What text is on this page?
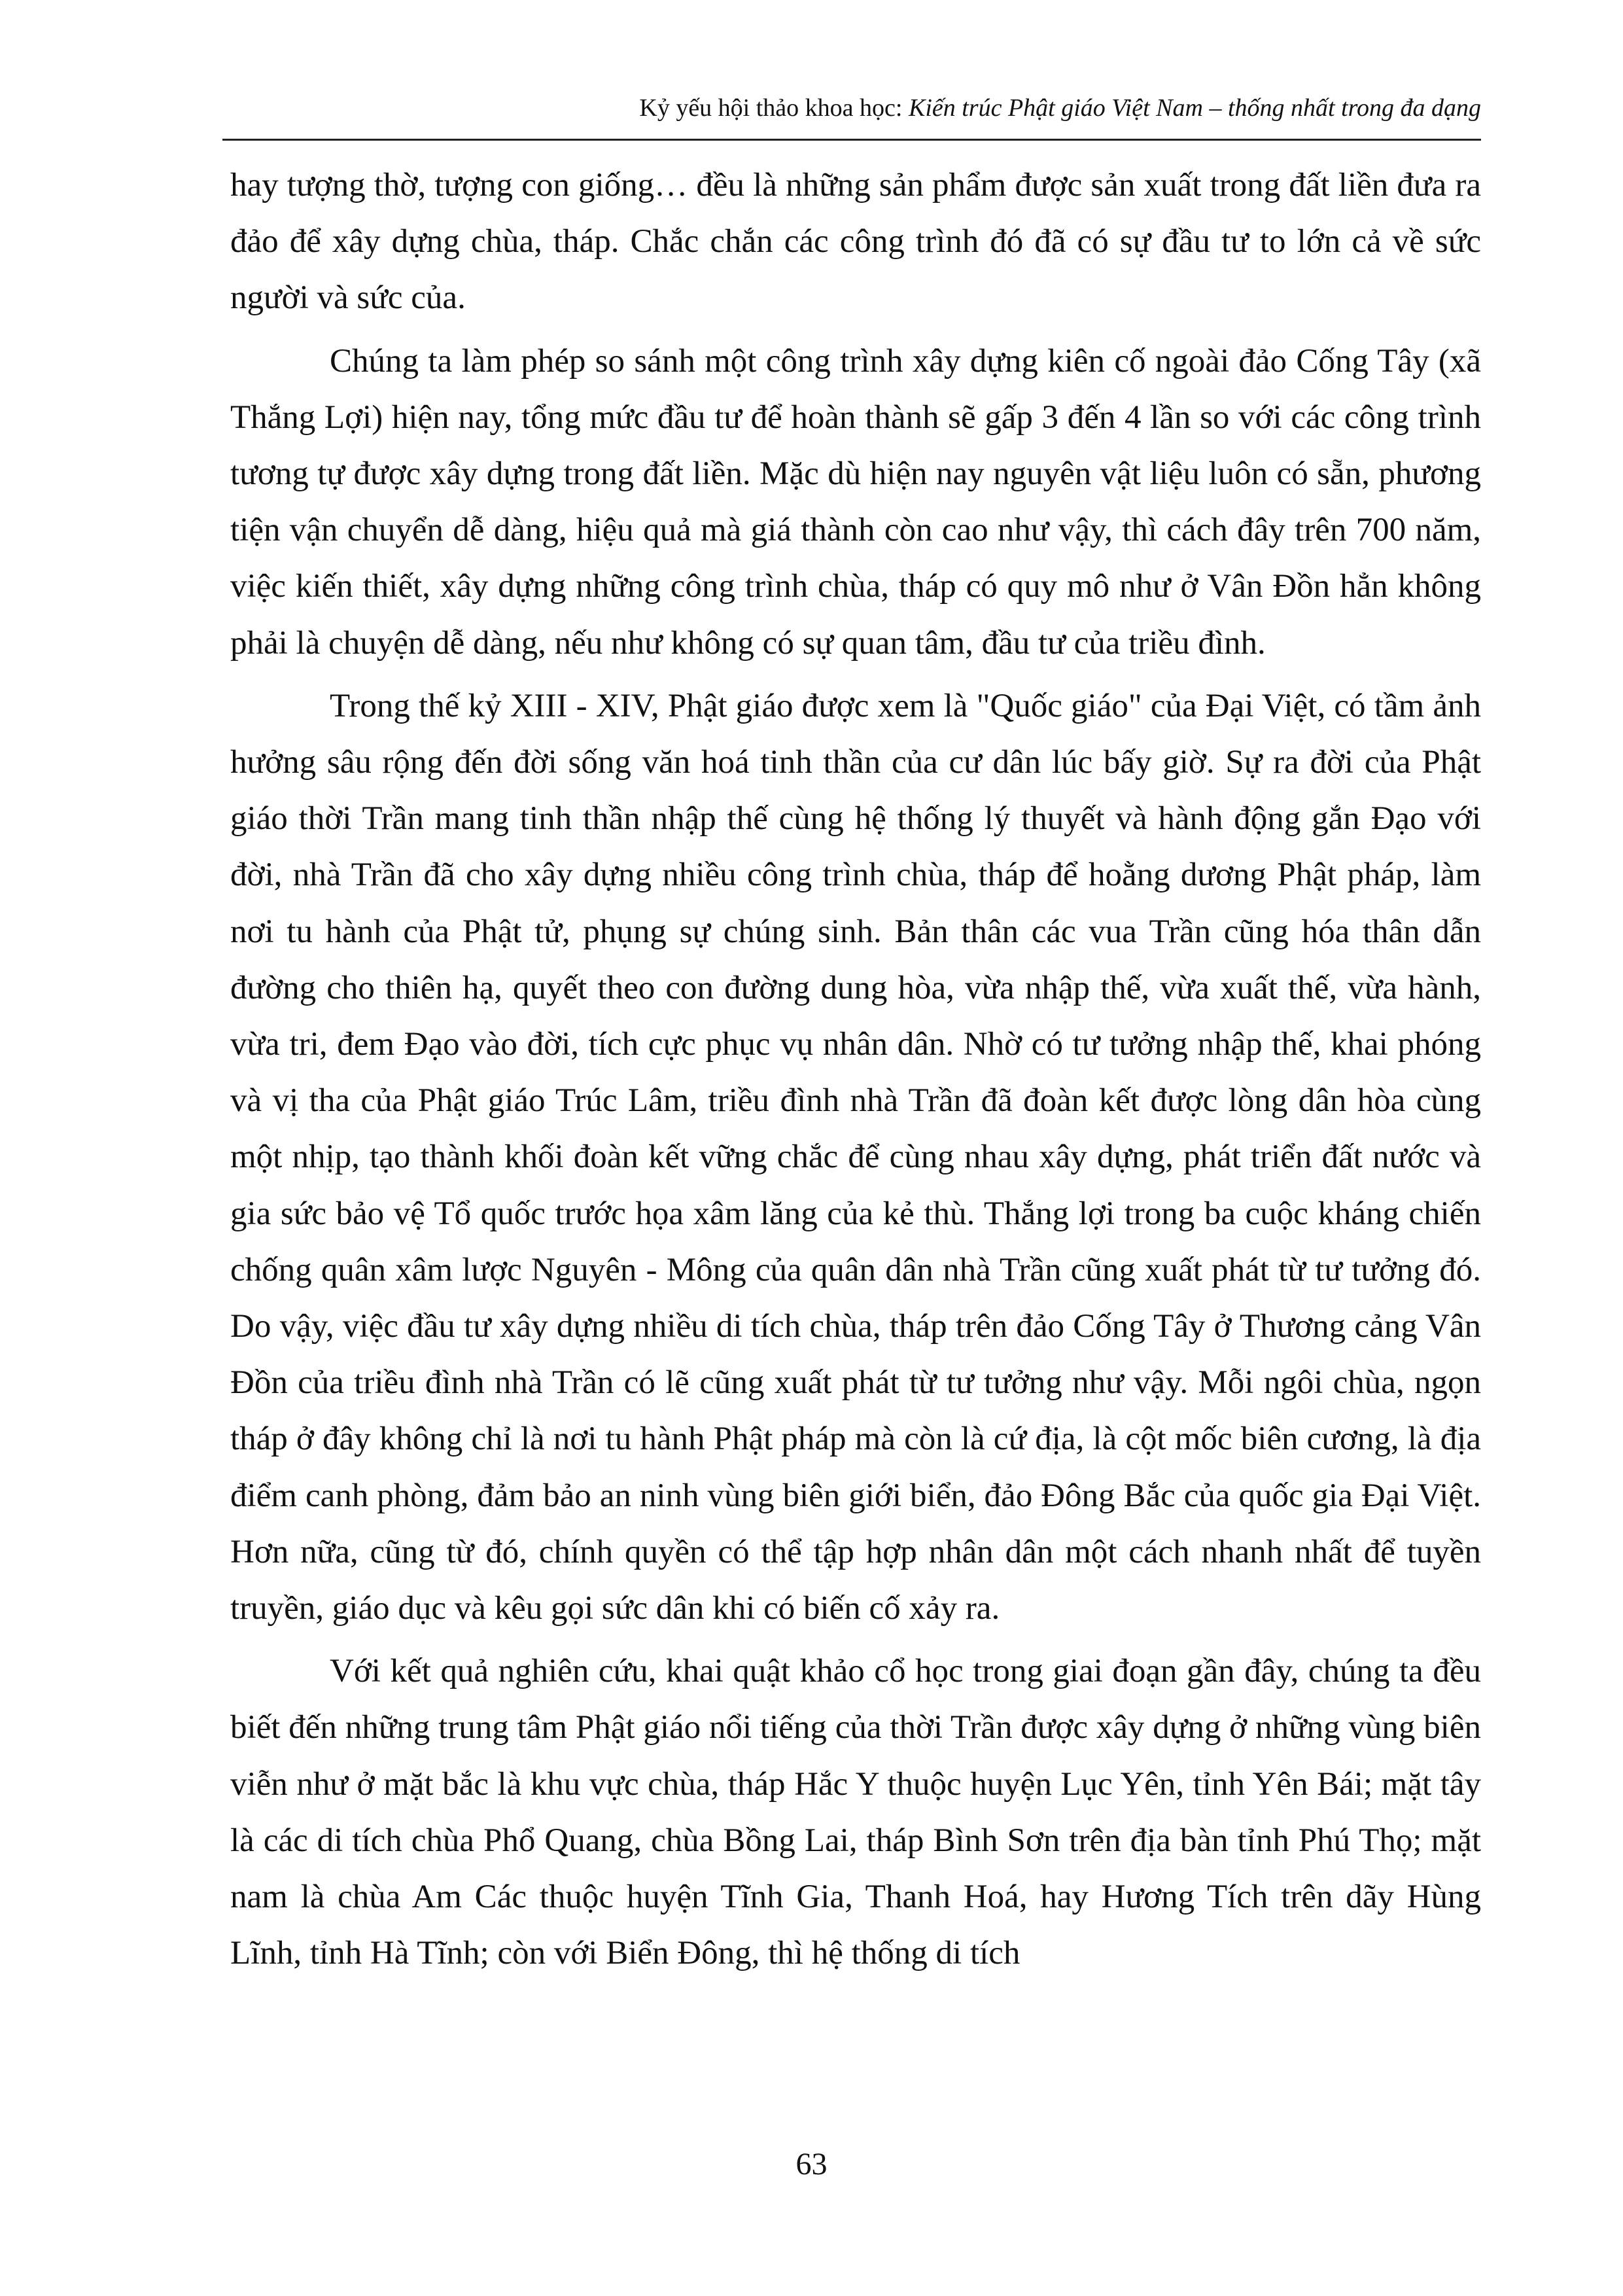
Kỷ yếu hội thảo khoa học: Kiến trúc Phật giáo Việt Nam – thống nhất trong đa dạng

hay tượng thờ, tượng con giống… đều là những sản phẩm được sản xuất trong đất liền đưa ra đảo để xây dựng chùa, tháp. Chắc chắn các công trình đó đã có sự đầu tư to lớn cả về sức người và sức của.

Chúng ta làm phép so sánh một công trình xây dựng kiên cố ngoài đảo Cống Tây (xã Thắng Lợi) hiện nay, tổng mức đầu tư để hoàn thành sẽ gấp 3 đến 4 lần so với các công trình tương tự được xây dựng trong đất liền. Mặc dù hiện nay nguyên vật liệu luôn có sẵn, phương tiện vận chuyển dễ dàng, hiệu quả mà giá thành còn cao như vậy, thì cách đây trên 700 năm, việc kiến thiết, xây dựng những công trình chùa, tháp có quy mô như ở Vân Đồn hẳn không phải là chuyện dễ dàng, nếu như không có sự quan tâm, đầu tư của triều đình.

Trong thế kỷ XIII - XIV, Phật giáo được xem là "Quốc giáo" của Đại Việt, có tầm ảnh hưởng sâu rộng đến đời sống văn hoá tinh thần của cư dân lúc bấy giờ. Sự ra đời của Phật giáo thời Trần mang tinh thần nhập thế cùng hệ thống lý thuyết và hành động gắn Đạo với đời, nhà Trần đã cho xây dựng nhiều công trình chùa, tháp để hoằng dương Phật pháp, làm nơi tu hành của Phật tử, phụng sự chúng sinh. Bản thân các vua Trần cũng hóa thân dẫn đường cho thiên hạ, quyết theo con đường dung hòa, vừa nhập thế, vừa xuất thế, vừa hành, vừa tri, đem Đạo vào đời, tích cực phục vụ nhân dân. Nhờ có tư tưởng nhập thế, khai phóng và vị tha của Phật giáo Trúc Lâm, triều đình nhà Trần đã đoàn kết được lòng dân hòa cùng một nhịp, tạo thành khối đoàn kết vững chắc để cùng nhau xây dựng, phát triển đất nước và gia sức bảo vệ Tổ quốc trước họa xâm lăng của kẻ thù. Thắng lợi trong ba cuộc kháng chiến chống quân xâm lược Nguyên - Mông của quân dân nhà Trần cũng xuất phát từ tư tưởng đó. Do vậy, việc đầu tư xây dựng nhiều di tích chùa, tháp trên đảo Cống Tây ở Thương cảng Vân Đồn của triều đình nhà Trần có lẽ cũng xuất phát từ tư tưởng như vậy. Mỗi ngôi chùa, ngọn tháp ở đây không chỉ là nơi tu hành Phật pháp mà còn là cứ địa, là cột mốc biên cương, là địa điểm canh phòng, đảm bảo an ninh vùng biên giới biển, đảo Đông Bắc của quốc gia Đại Việt. Hơn nữa, cũng từ đó, chính quyền có thể tập hợp nhân dân một cách nhanh nhất để tuyền truyền, giáo dục và kêu gọi sức dân khi có biến cố xảy ra.

Với kết quả nghiên cứu, khai quật khảo cổ học trong giai đoạn gần đây, chúng ta đều biết đến những trung tâm Phật giáo nổi tiếng của thời Trần được xây dựng ở những vùng biên viễn như ở mặt bắc là khu vực chùa, tháp Hắc Y thuộc huyện Lục Yên, tỉnh Yên Bái; mặt tây là các di tích chùa Phổ Quang, chùa Bồng Lai, tháp Bình Sơn trên địa bàn tỉnh Phú Thọ; mặt nam là chùa Am Các thuộc huyện Tĩnh Gia, Thanh Hoá, hay Hương Tích trên dãy Hùng Lĩnh, tỉnh Hà Tĩnh; còn với Biển Đông, thì hệ thống di tích

63
